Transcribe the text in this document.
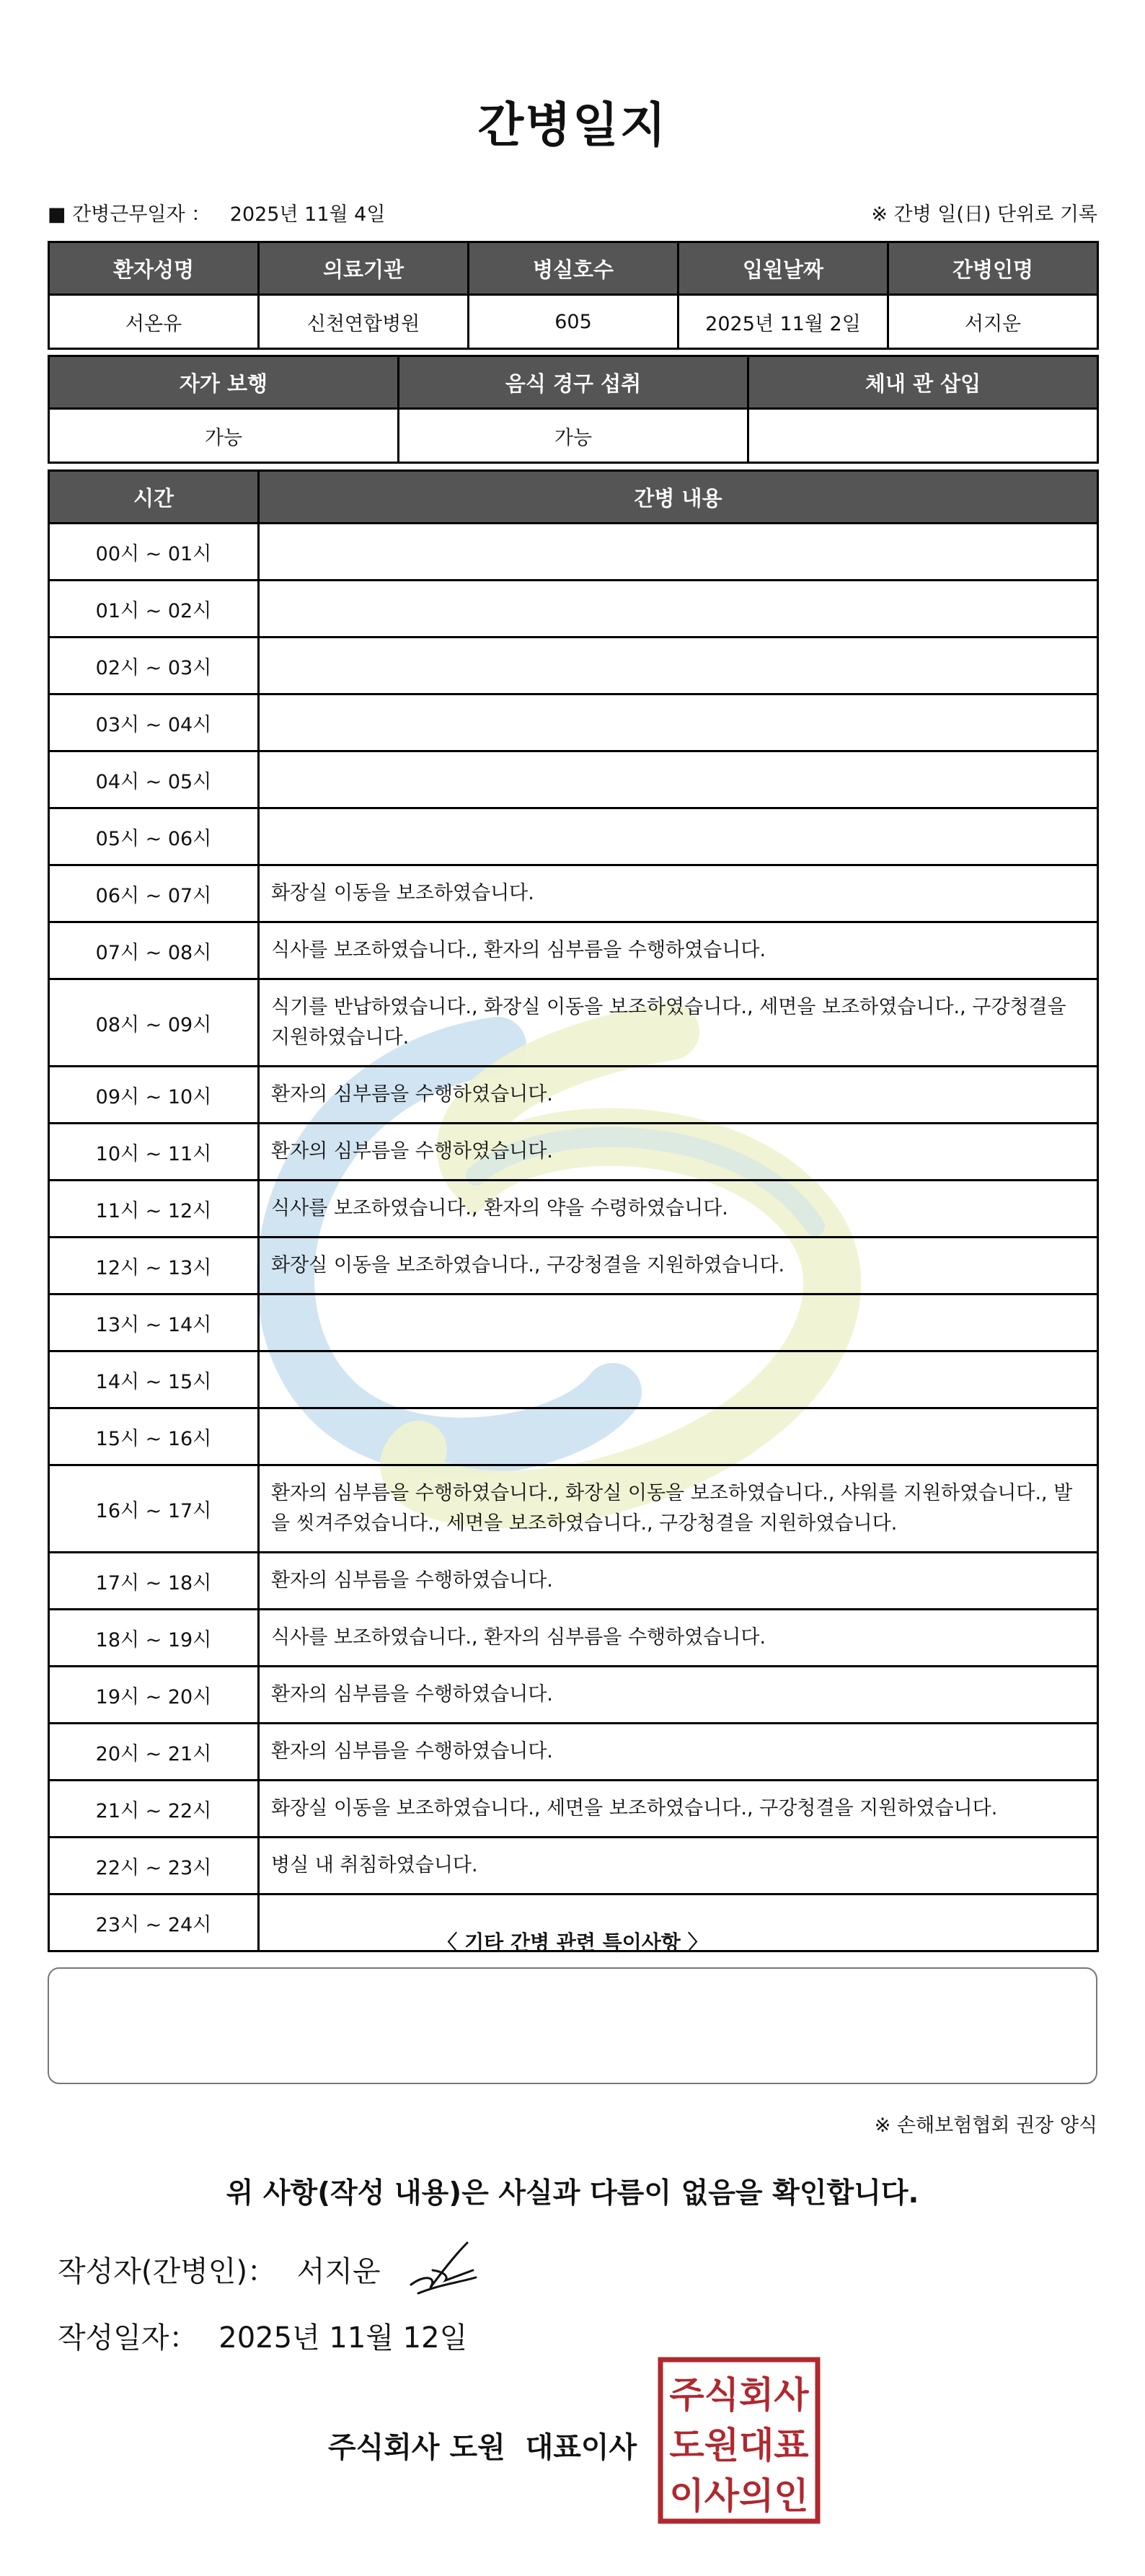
간병일지
■ 간병근무일자 ： 2025년 11월 4일	※ 간병 일(日) 단위로 기록
환자성명	의료기관	병실호수	입원날짜	간병인명
서온유	신천연합병원	605	2025년 11월 2일	서지운
자가 보행	음식 경구 섭취	체내 관 삽입
가능	가능	
시간	간병 내용
00시 ~ 01시	
01시 ~ 02시	
02시 ~ 03시	
03시 ~ 04시	
04시 ~ 05시	
05시 ~ 06시	
06시 ~ 07시	화장실 이동을 보조하였습니다.
07시 ~ 08시	식사를 보조하였습니다., 환자의 심부름을 수행하였습니다.
08시 ~ 09시	식기를 반납하였습니다., 화장실 이동을 보조하였습니다., 세면을 보조하였습니다., 구강청결을 지원하였습니다.
09시 ~ 10시	환자의 심부름을 수행하였습니다.
10시 ~ 11시	환자의 심부름을 수행하였습니다.
11시 ~ 12시	식사를 보조하였습니다., 환자의 약을 수령하였습니다.
12시 ~ 13시	화장실 이동을 보조하였습니다., 구강청결을 지원하였습니다.
13시 ~ 14시	
14시 ~ 15시	
15시 ~ 16시	
16시 ~ 17시	환자의 심부름을 수행하였습니다., 화장실 이동을 보조하였습니다., 샤워를 지원하였습니다., 발을 씻겨주었습니다., 세면을 보조하였습니다., 구강청결을 지원하였습니다.
17시 ~ 18시	환자의 심부름을 수행하였습니다.
18시 ~ 19시	식사를 보조하였습니다., 환자의 심부름을 수행하였습니다.
19시 ~ 20시	환자의 심부름을 수행하였습니다.
20시 ~ 21시	환자의 심부름을 수행하였습니다.
21시 ~ 22시	화장실 이동을 보조하였습니다., 세면을 보조하였습니다., 구강청결을 지원하였습니다.
22시 ~ 23시	병실 내 취침하였습니다.
23시 ~ 24시	
〈 기타 간병 관련 특이사항 〉
※ 손해보험협회 권장 양식
위 사항(작성 내용)은 사실과 다름이 없음을 확인합니다.
작성자(간병인)： 서지운
작성일자： 2025년 11월 12일
주식회사 도원  대표이사
주식회사
도원대표
이사의인
